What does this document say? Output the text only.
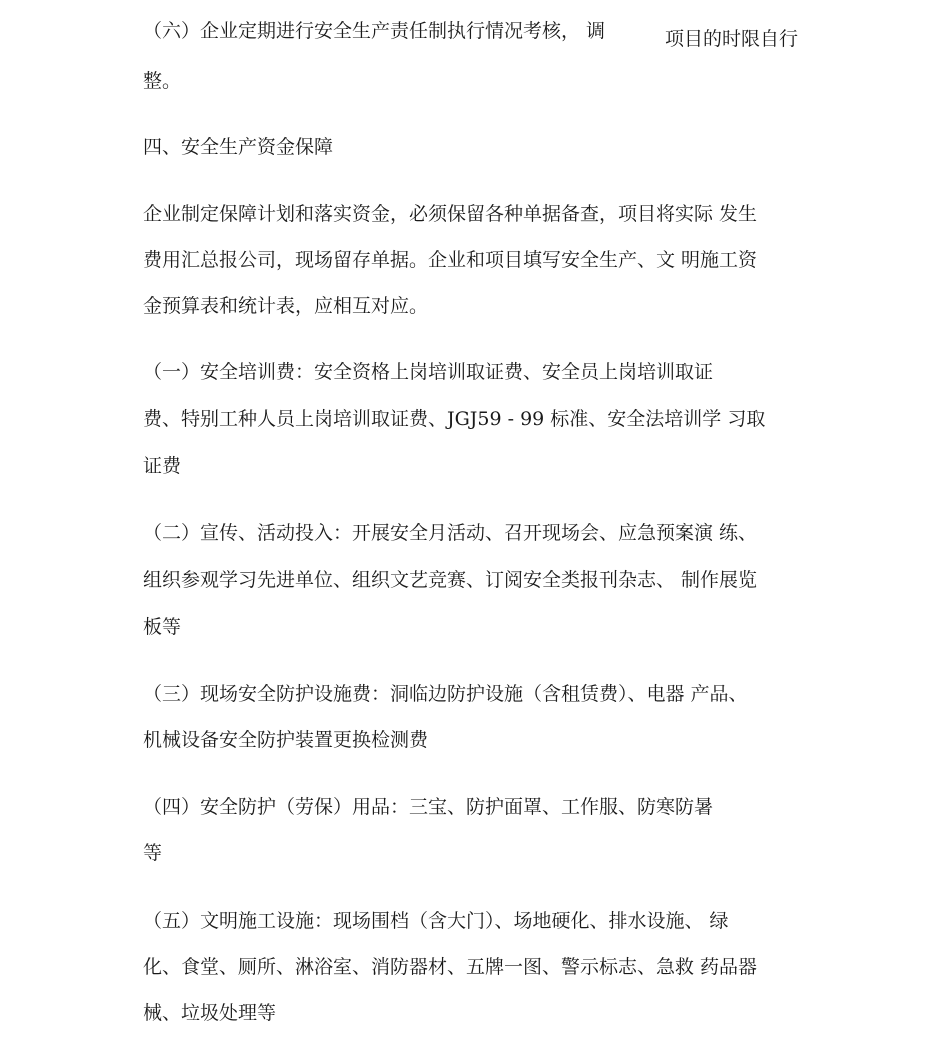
（六）企业定期进行安全生产责任制执行情况考核， 调	项目的时限自行
整。
四、安全生产资金保障
企业制定保障计划和落实资金，必须保留各种单据备查，项目将实际 发生
费用汇总报公司，现场留存单据。企业和项目填写安全生产、文 明施工资
金预算表和统计表，应相互对应。
（一）安全培训费：安全资格上岗培训取证费、安全员上岗培训取证
费、特别工种人员上岗培训取证费、JGJ59 - 99 标准、安全法培训学 习取
证费
（二）宣传、活动投入：开展安全月活动、召开现场会、应急预案演 练、
组织参观学习先进单位、组织文艺竞赛、订阅安全类报刊杂志、 制作展览
板等
（三）现场安全防护设施费：洞临边防护设施（含租赁费）、电器 产品、
机械设备安全防护装置更换检测费
（四）安全防护（劳保）用品：三宝、防护面罩、工作服、防寒防暑
等
（五）文明施工设施：现场围档（含大门）、场地硬化、排水设施、 绿
化、食堂、厕所、淋浴室、消防器材、五牌一图、警示标志、急救 药品器
械、垃圾处理等
